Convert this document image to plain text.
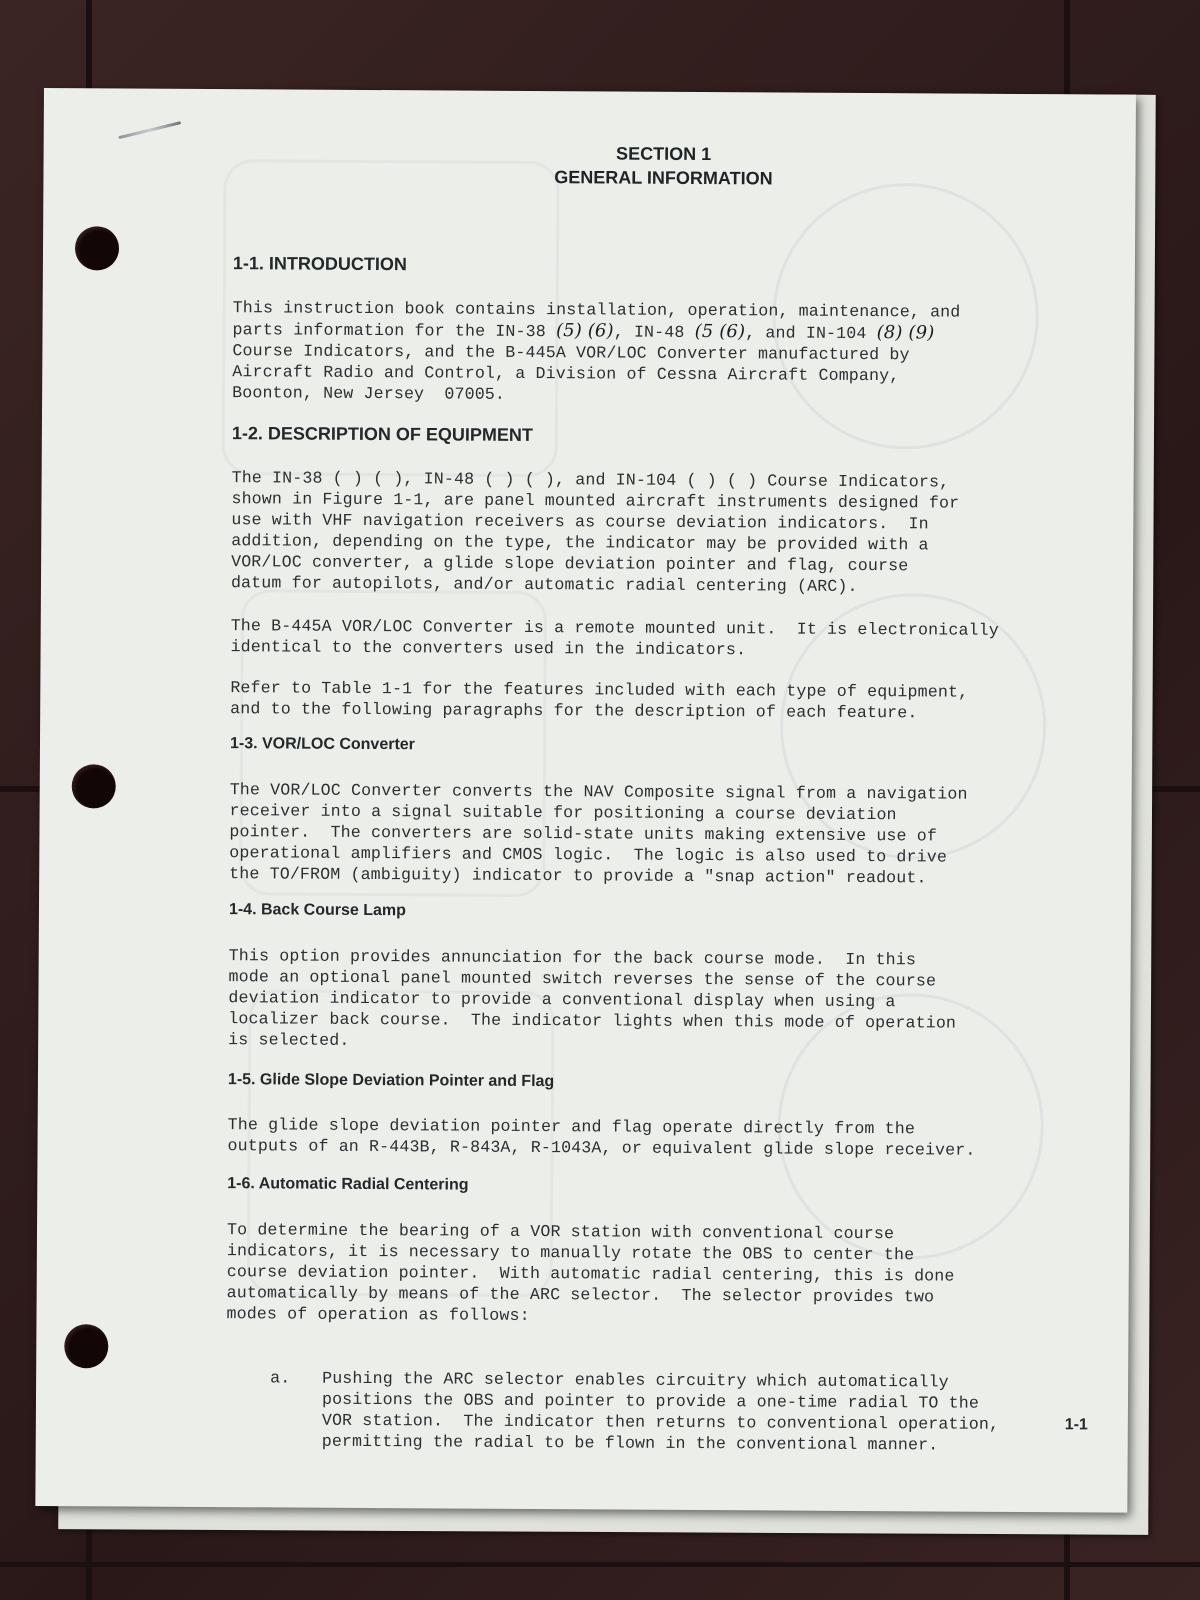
SECTION 1
GENERAL INFORMATION
1-1. INTRODUCTION
This instruction book contains installation, operation, maintenance, and
parts information for the IN-38 (5) (6), IN-48 (5 (6), and IN-104 (8) (9)
Course Indicators, and the B-445A VOR/LOC Converter manufactured by
Aircraft Radio and Control, a Division of Cessna Aircraft Company,
Boonton, New Jersey  07005.
1-2. DESCRIPTION OF EQUIPMENT
The IN-38 ( ) ( ), IN-48 ( ) ( ), and IN-104 ( ) ( ) Course Indicators,
shown in Figure 1-1, are panel mounted aircraft instruments designed for
use with VHF navigation receivers as course deviation indicators.  In
addition, depending on the type, the indicator may be provided with a
VOR/LOC converter, a glide slope deviation pointer and flag, course
datum for autopilots, and/or automatic radial centering (ARC).
The B-445A VOR/LOC Converter is a remote mounted unit.  It is electronically
identical to the converters used in the indicators.
Refer to Table 1-1 for the features included with each type of equipment,
and to the following paragraphs for the description of each feature.
1-3. VOR/LOC Converter
The VOR/LOC Converter converts the NAV Composite signal from a navigation
receiver into a signal suitable for positioning a course deviation
pointer.  The converters are solid-state units making extensive use of
operational amplifiers and CMOS logic.  The logic is also used to drive
the TO/FROM (ambiguity) indicator to provide a "snap action" readout.
1-4. Back Course Lamp
This option provides annunciation for the back course mode.  In this
mode an optional panel mounted switch reverses the sense of the course
deviation indicator to provide a conventional display when using a
localizer back course.  The indicator lights when this mode of operation
is selected.
1-5. Glide Slope Deviation Pointer and Flag
The glide slope deviation pointer and flag operate directly from the
outputs of an R-443B, R-843A, R-1043A, or equivalent glide slope receiver.
1-6. Automatic Radial Centering
To determine the bearing of a VOR station with conventional course
indicators, it is necessary to manually rotate the OBS to center the
course deviation pointer.  With automatic radial centering, this is done
automatically by means of the ARC selector.  The selector provides two
modes of operation as follows:
a. Pushing the ARC selector enables circuitry which automatically
positions the OBS and pointer to provide a one-time radial TO the
VOR station.  The indicator then returns to conventional operation,
permitting the radial to be flown in the conventional manner.
1-1
